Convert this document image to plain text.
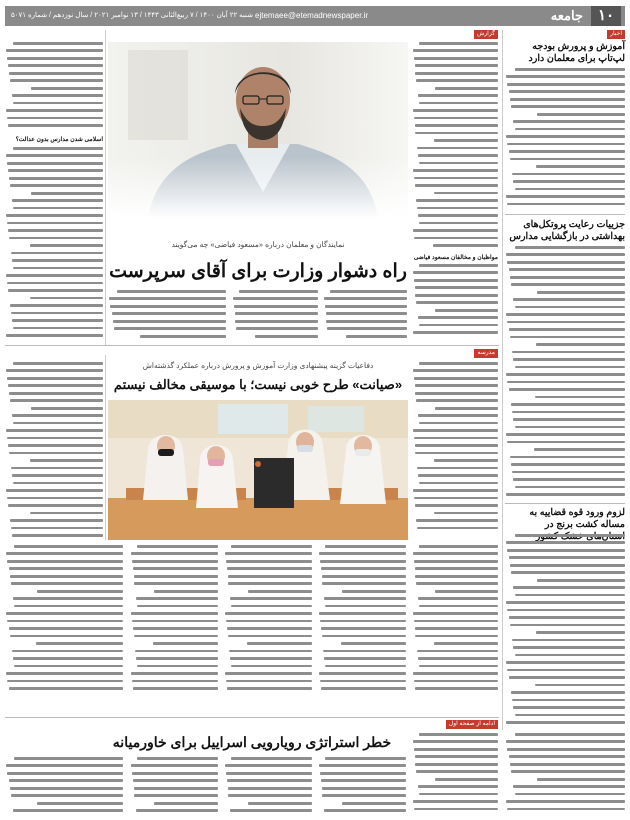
۱۰
جامعه
ejtemaee@etemadnewspaper.ir
شنبه ۲۲ آبان ۱۴۰۰ / ۷ ربیع‌الثانی ۱۴۴۳ / ۱۳ نوامبر ۲۰۲۱ / سال نوزدهم / شماره ۵۰۷۱
اخبار
آموزش و پرورش بودجه لپ‌تاپ برای معلمان دارد
جزییات رعایت پروتکل‌های بهداشتی در بازگشایی مدارس
لزوم ورود قوه قضاییه به مساله کشت برنج در
گزارش
مواظبان و مخالفان مسعود فیاضی
نمایندگان و معلمان درباره «مسعود فیاضی» چه می‌گویند
راه دشوار وزارت برای آقای سرپرست
اسلامی شدن مدارس بدون عدالت؟
مدرسه
دفاعیات گزینه پیشنهادی وزارت آموزش و پرورش درباره عملکرد گذشته‌اش
«صیانت» طرح خوبی نیست؛ با موسیقی مخالف نیستم
ادامه از صفحه اول
خطر استراتژی رویارویی اسراییل برای خاورمیانه
